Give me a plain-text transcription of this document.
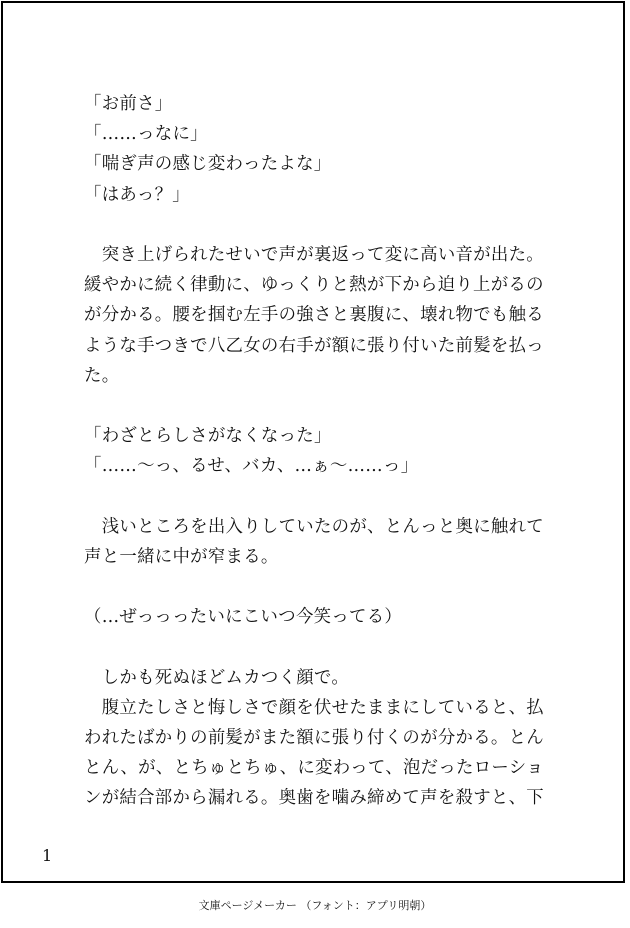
「お前さ」
「……っなに」
「喘ぎ声の感じ変わったよな」
「はあっ？」
　突き上げられたせいで声が裏返って変に高い音が出た。
緩やかに続く律動に、ゆっくりと熱が下から迫り上がるの
が分かる。腰を掴む左手の強さと裏腹に、壊れ物でも触る
ような手つきで八乙女の右手が額に張り付いた前髪を払っ
た。
「わざとらしさがなくなった」
「……〜っ、るせ、バカ、…ぁ〜……っ」
　浅いところを出入りしていたのが、とんっと奥に触れて
声と一緒に中が窄まる。
（…ぜっっったいにこいつ今笑ってる）
　しかも死ぬほどムカつく顔で。
　腹立たしさと悔しさで顔を伏せたままにしていると、払
われたばかりの前髪がまた額に張り付くのが分かる。とん
とん、が、とちゅとちゅ、に変わって、泡だったローショ
ンが結合部から漏れる。奥歯を噛み締めて声を殺すと、下
1
文庫ページメーカー （フォント：アプリ明朝）
